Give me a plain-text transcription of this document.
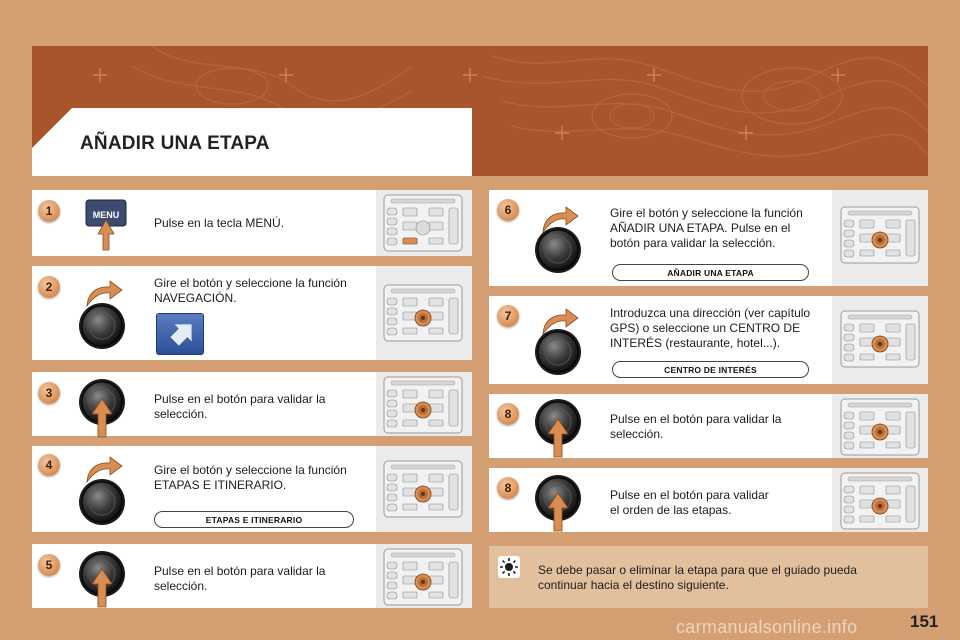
AÑADIR UNA ETAPA
1	MENU
Pulse en la tecla MENÚ.
2	Gire el botón y seleccione la función
NAVEGACIÓN.
3	Pulse en el botón para validar la
selección.
4	Gire el botón y seleccione la función
ETAPAS E ITINERARIO.
ETAPAS E ITINERARIO
5	Pulse en el botón para validar la
selección.
6	Gire el botón y seleccione la función
AÑADIR UNA ETAPA. Pulse en el
botón para validar la selección.
AÑADIR UNA ETAPA
7	Introduzca una dirección (ver capítulo
GPS) o seleccione un CENTRO DE
INTERÉS (restaurante, hotel...).
CENTRO DE INTERÉS
8	Pulse en el botón para validar la
selección.
8	Pulse en el botón para validar
el orden de las etapas.
Se debe pasar o eliminar la etapa para que el guiado pueda continuar hacia el destino siguiente.
151
carmanualsonline.info
